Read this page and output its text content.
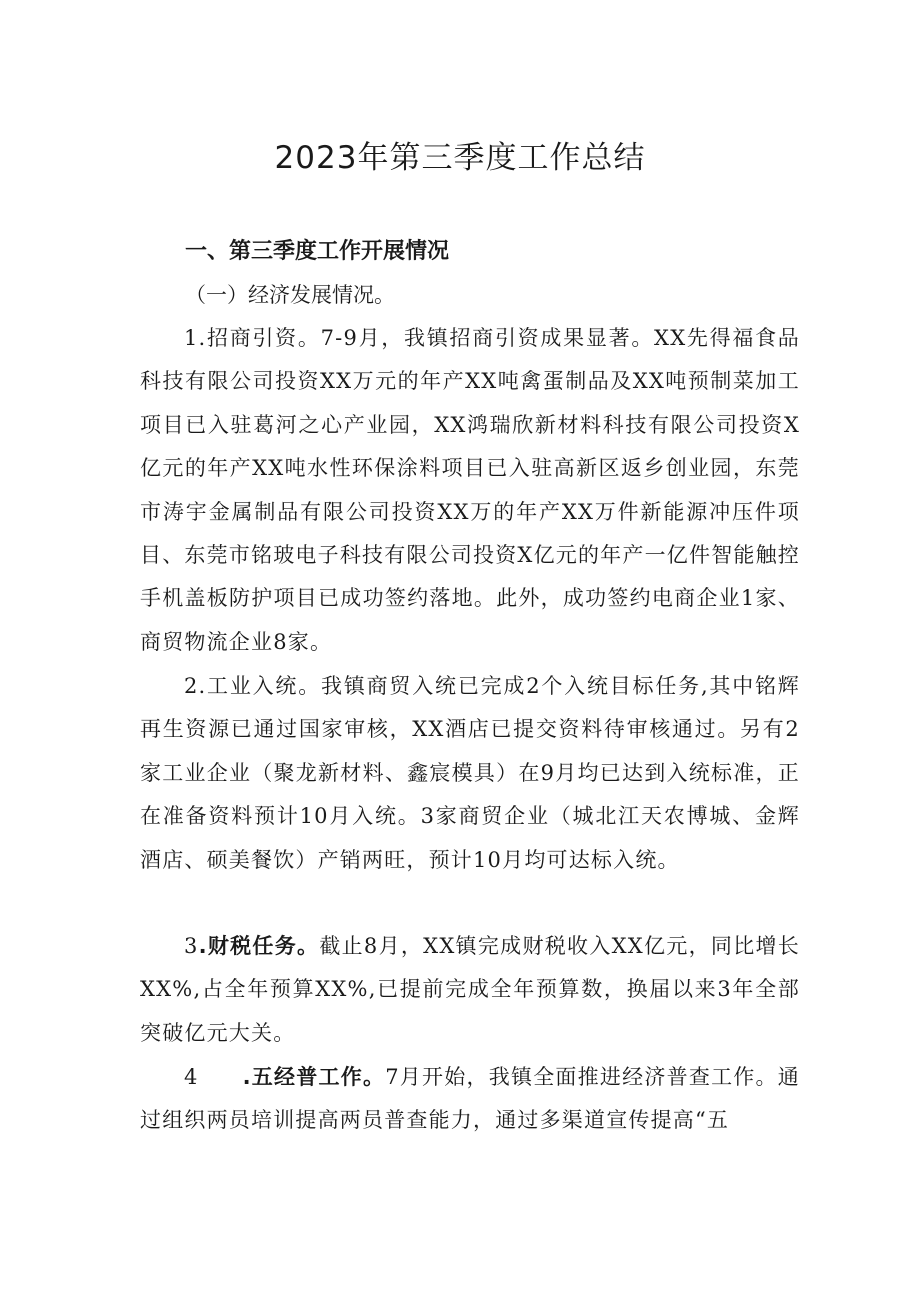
2023年第三季度工作总结
一、第三季度工作开展情况
（一）经济发展情况。
1.招商引资。7-9月，我镇招商引资成果显著。XX先得福食品科技有限公司投资XX万元的年产XX吨禽蛋制品及XX吨预制菜加工项目已入驻葛河之心产业园，XX鸿瑞欣新材料科技有限公司投资X亿元的年产XX吨水性环保涂料项目已入驻高新区返乡创业园，东莞市涛宇金属制品有限公司投资XX万的年产XX万件新能源冲压件项目、东莞市铭玻电子科技有限公司投资X亿元的年产一亿件智能触控手机盖板防护项目已成功签约落地。此外，成功签约电商企业1家、商贸物流企业8家。
2.工业入统。我镇商贸入统已完成2个入统目标任务,其中铭辉再生资源已通过国家审核，XX酒店已提交资料待审核通过。另有2家工业企业（聚龙新材料、鑫宸模具）在9月均已达到入统标准，正在准备资料预计10月入统。3家商贸企业（城北江天农博城、金辉酒店、硕美餐饮）产销两旺，预计10月均可达标入统。
3.财税任务。截止8月，XX镇完成财税收入XX亿元，同比增长XX%,占全年预算XX%,已提前完成全年预算数，换届以来3年全部突破亿元大关。
4 .五经普工作。7月开始，我镇全面推进经济普查工作。通过组织两员培训提高两员普查能力，通过多渠道宣传提高“五
